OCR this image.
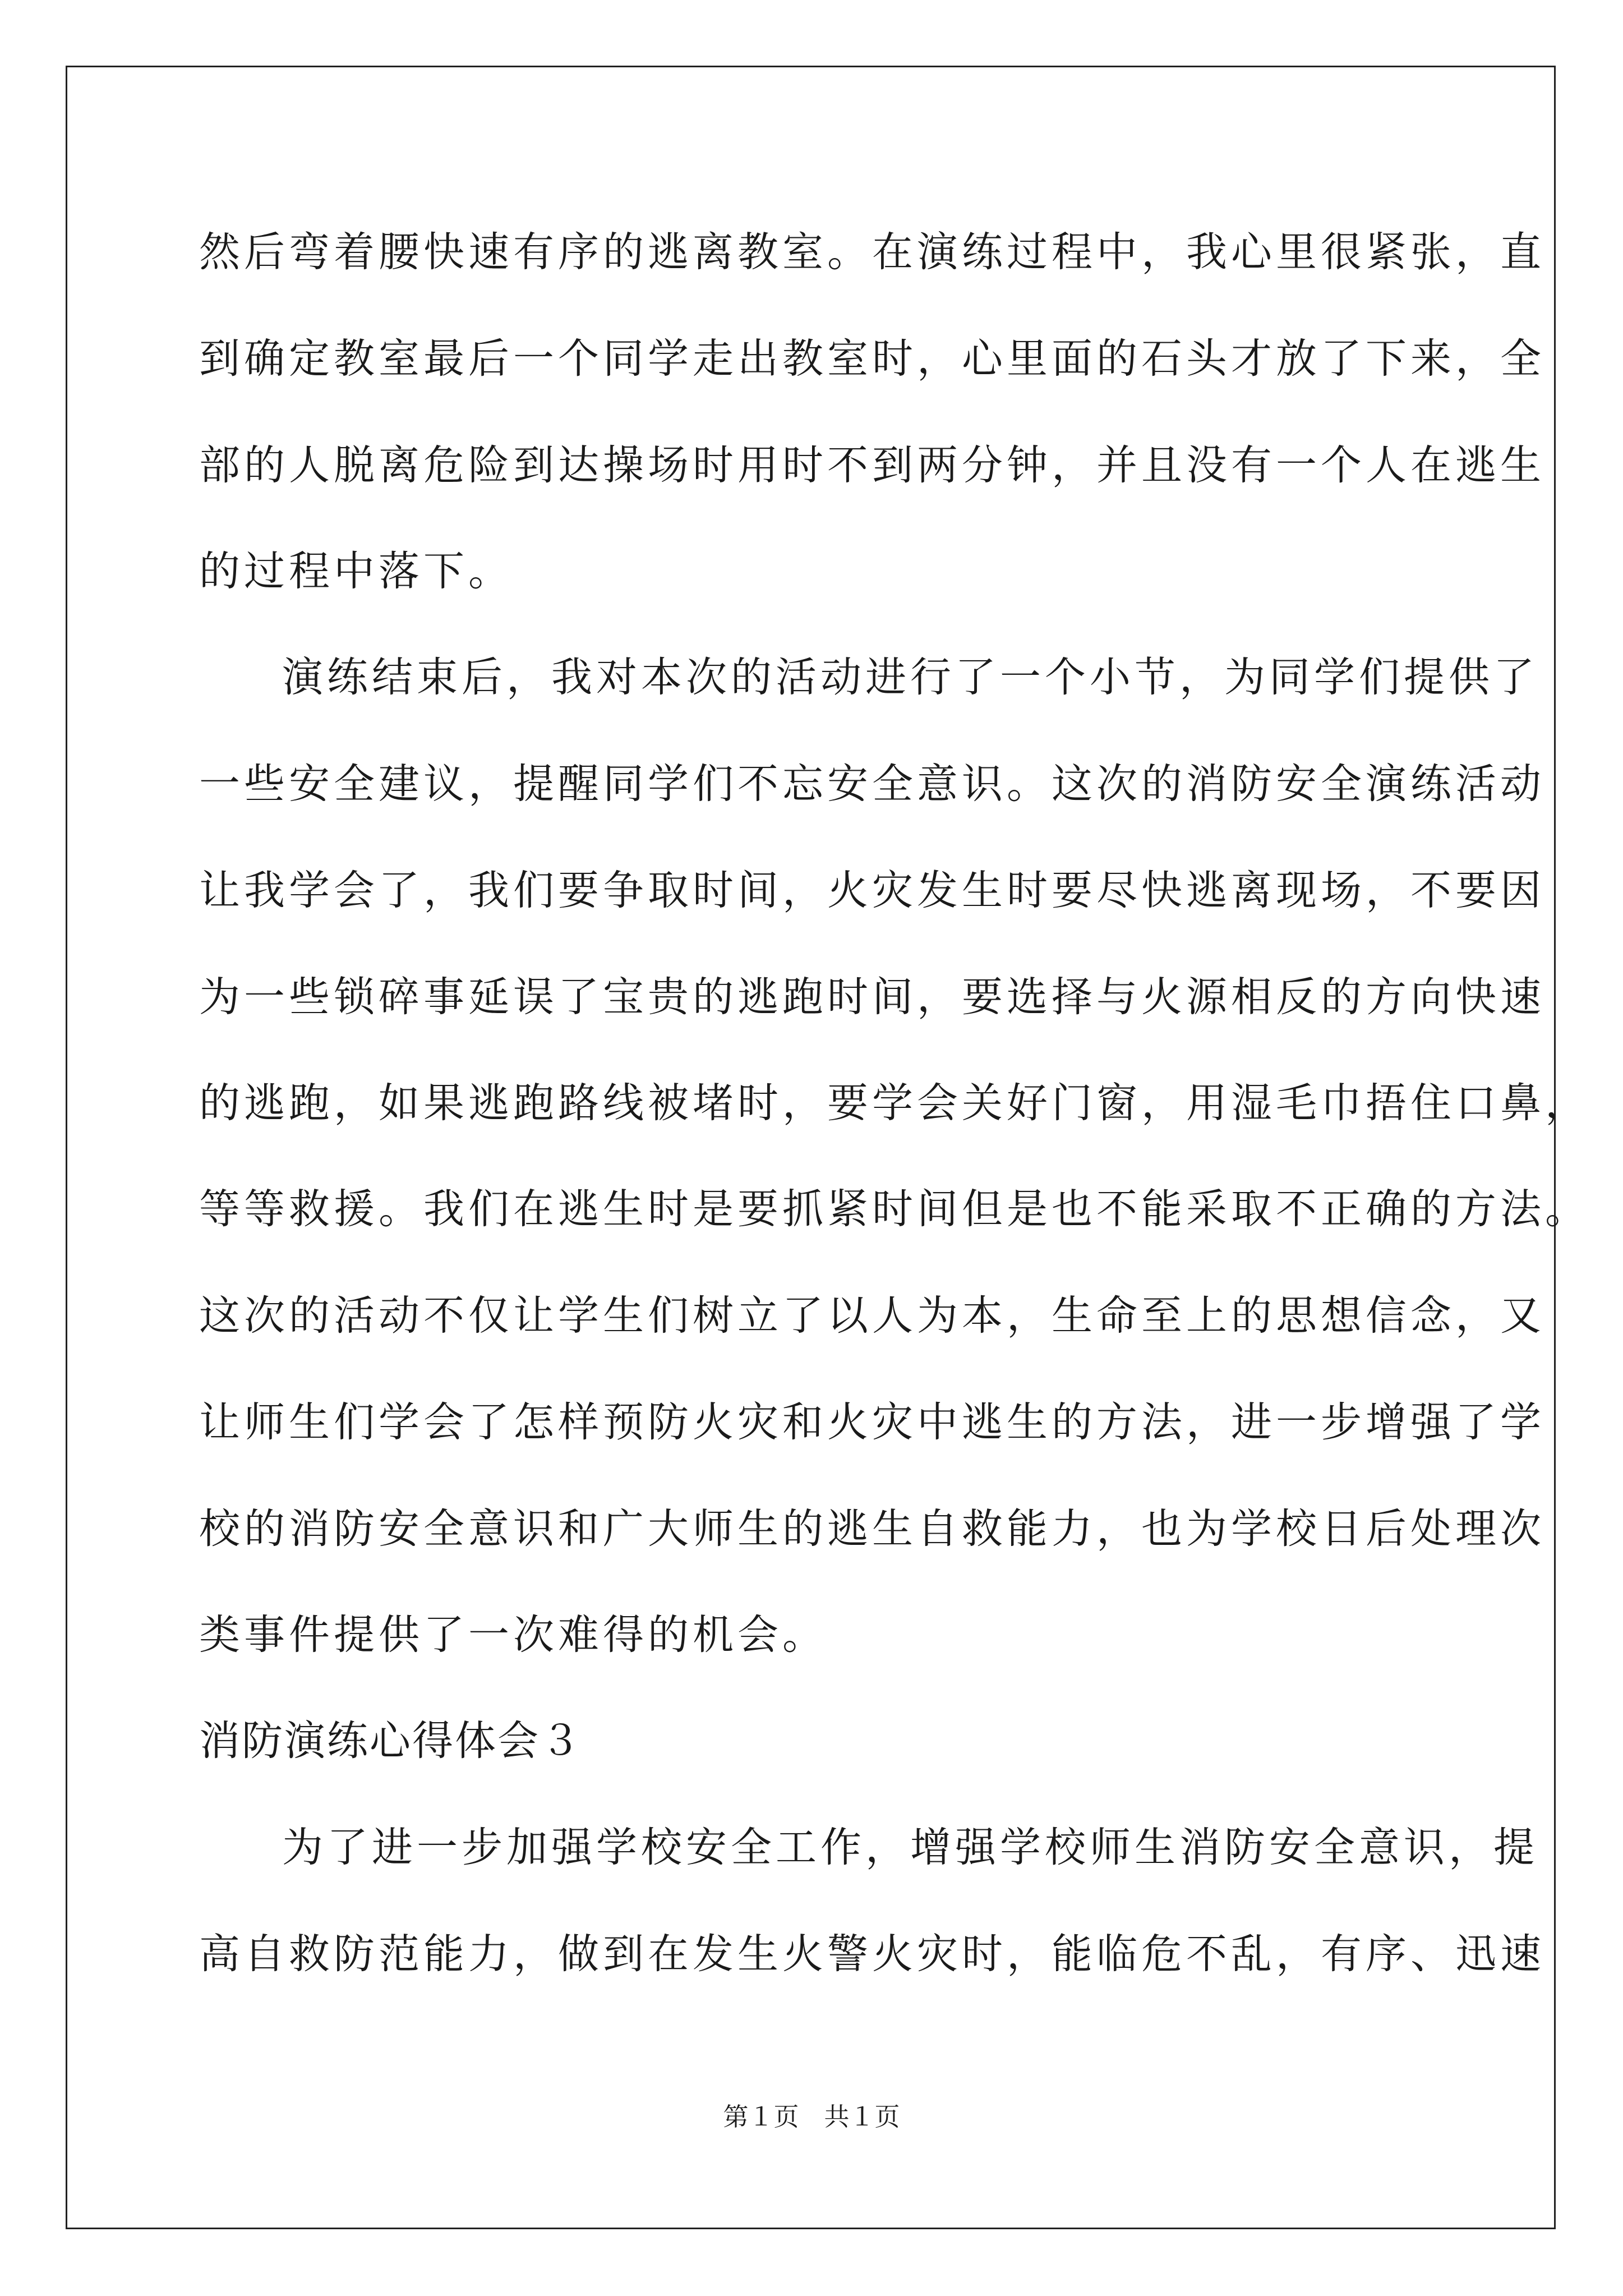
然后弯着腰快速有序的逃离教室。在演练过程中，我心里很紧张，直
到确定教室最后一个同学走出教室时，心里面的石头才放了下来，全
部的人脱离危险到达操场时用时不到两分钟，并且没有一个人在逃生
的过程中落下。
演练结束后，我对本次的活动进行了一个小节，为同学们提供了
一些安全建议，提醒同学们不忘安全意识。这次的消防安全演练活动
让我学会了，我们要争取时间，火灾发生时要尽快逃离现场，不要因
为一些锁碎事延误了宝贵的逃跑时间，要选择与火源相反的方向快速
的逃跑，如果逃跑路线被堵时，要学会关好门窗，用湿毛巾捂住口鼻，
等等救援。我们在逃生时是要抓紧时间但是也不能采取不正确的方法。
这次的活动不仅让学生们树立了以人为本，生命至上的思想信念，又
让师生们学会了怎样预防火灾和火灾中逃生的方法，进一步增强了学
校的消防安全意识和广大师生的逃生自救能力，也为学校日后处理次
类事件提供了一次难得的机会。
消防演练心得体会３
为了进一步加强学校安全工作，增强学校师生消防安全意识，提
高自救防范能力，做到在发生火警火灾时，能临危不乱，有序、迅速
第１页　共１页
